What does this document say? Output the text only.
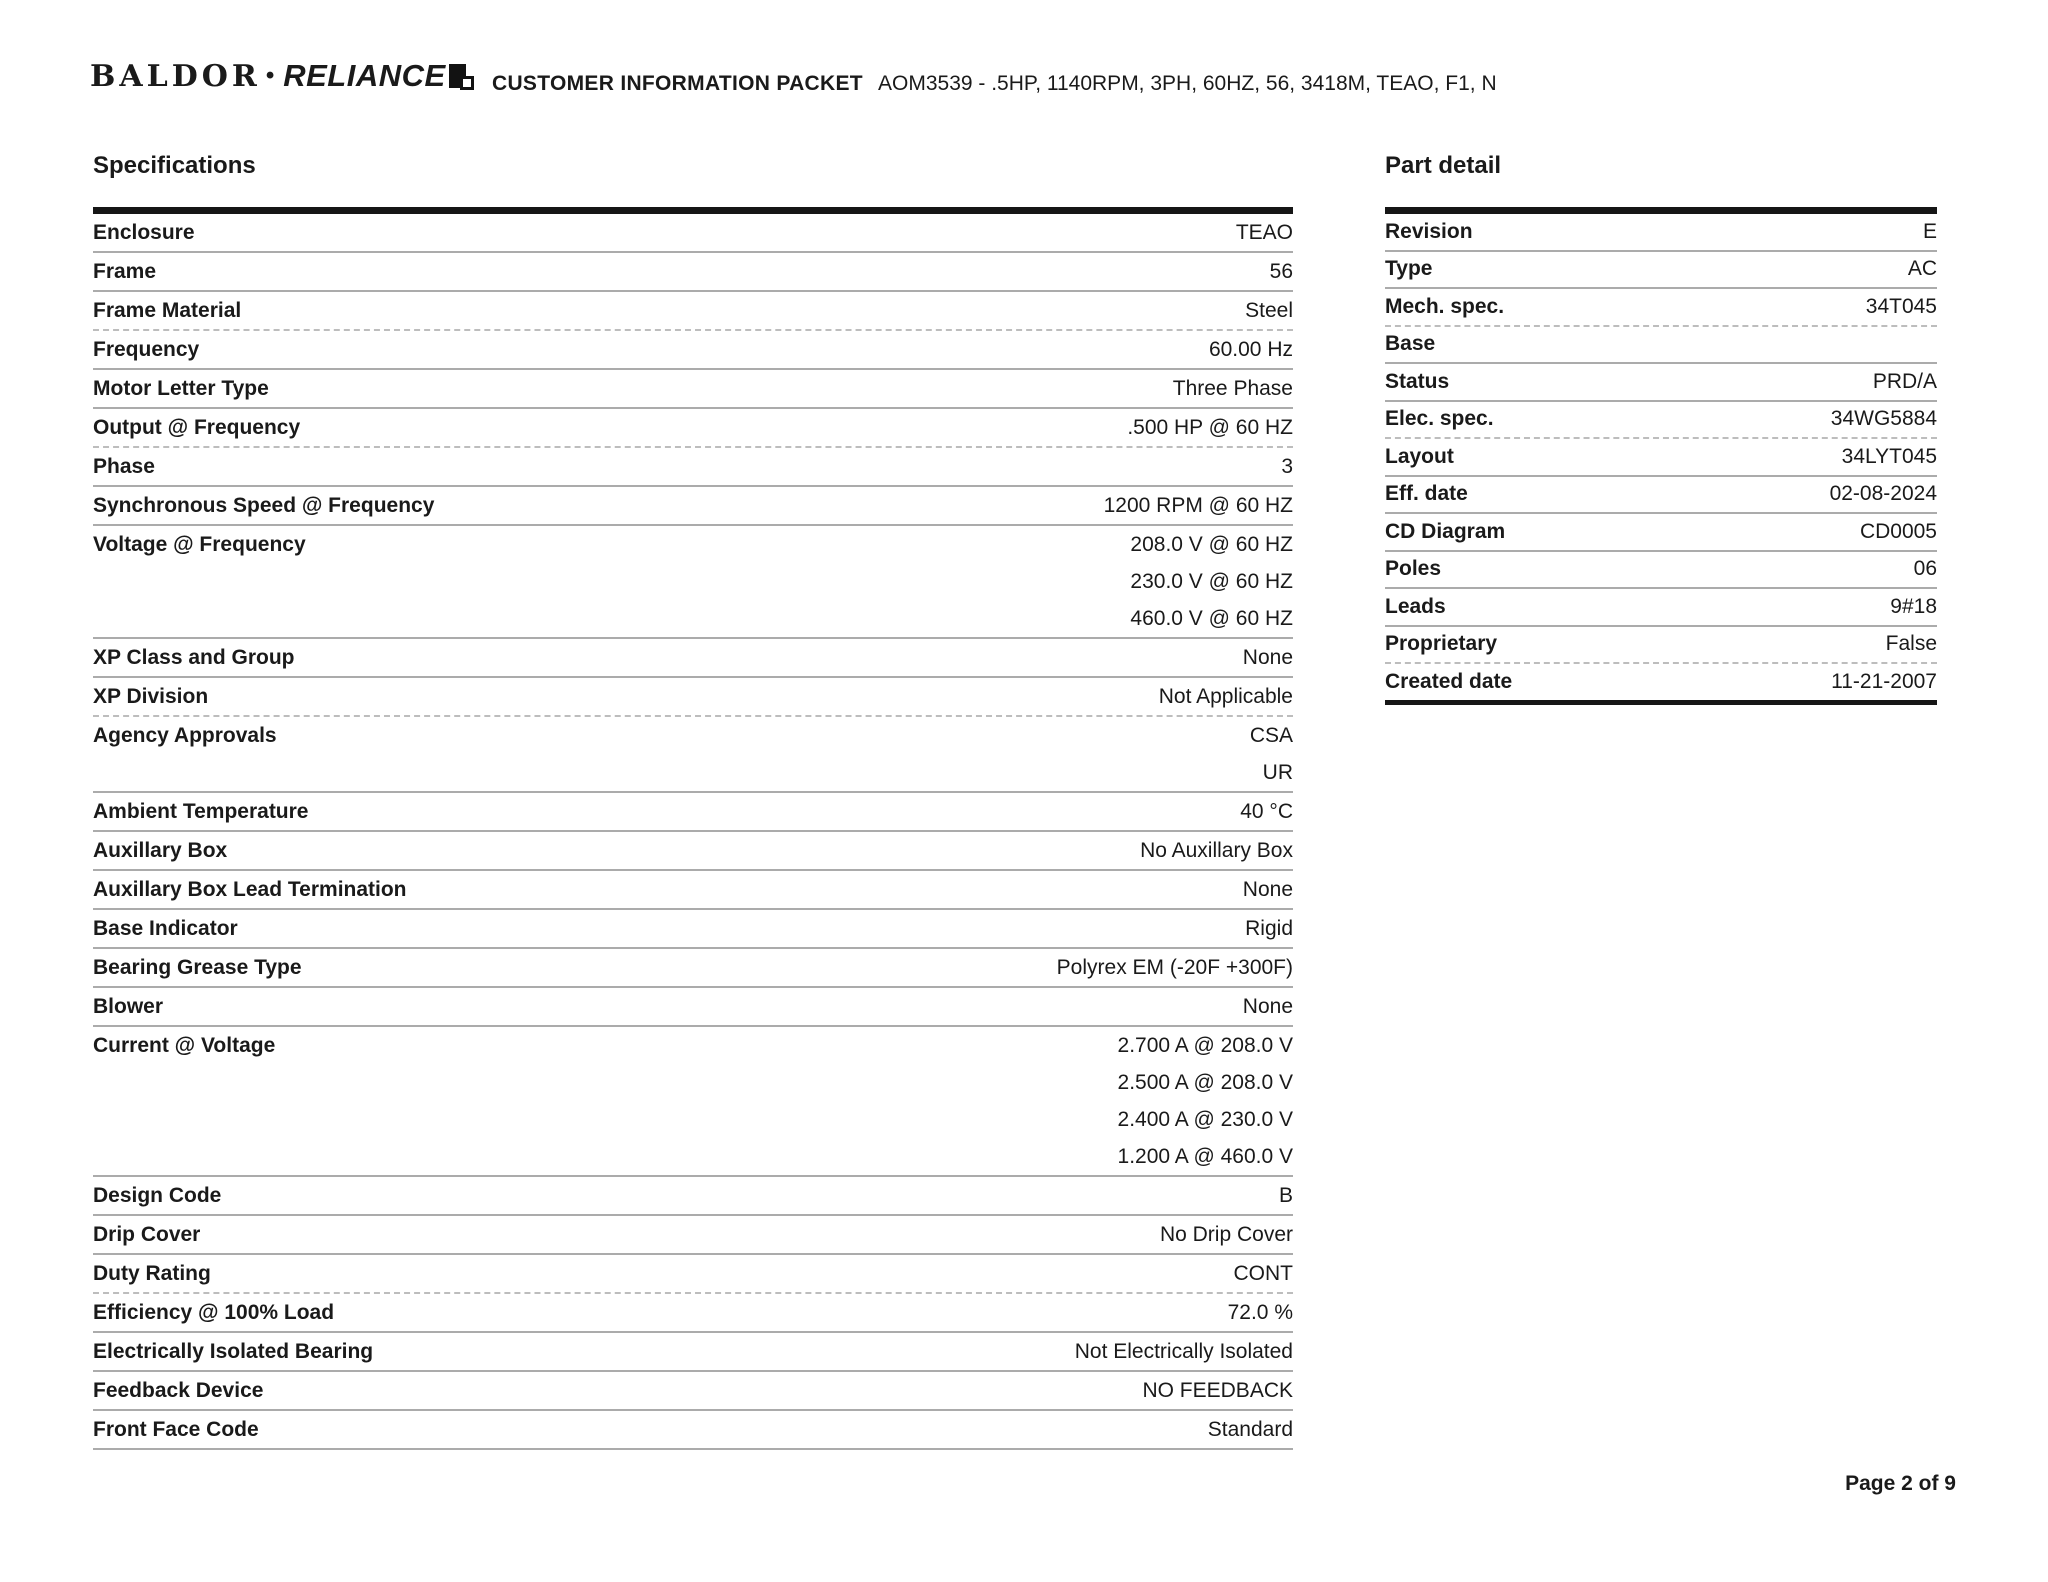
BALDOR • RELIANCE CUSTOMER INFORMATION PACKET AOM3539 - .5HP, 1140RPM, 3PH, 60HZ, 56, 3418M, TEAO, F1, N
Specifications
Enclosure	TEAO
Frame	56
Frame Material	Steel
Frequency	60.00 Hz
Motor Letter Type	Three Phase
Output @ Frequency	.500 HP @ 60 HZ
Phase	3
Synchronous Speed @ Frequency	1200 RPM @ 60 HZ
Voltage @ Frequency	208.0 V @ 60 HZ
230.0 V @ 60 HZ
460.0 V @ 60 HZ
XP Class and Group	None
XP Division	Not Applicable
Agency Approvals	CSA
UR
Ambient Temperature	40 °C
Auxillary Box	No Auxillary Box
Auxillary Box Lead Termination	None
Base Indicator	Rigid
Bearing Grease Type	Polyrex EM (-20F +300F)
Blower	None
Current @ Voltage	2.700 A @ 208.0 V
2.500 A @ 208.0 V
2.400 A @ 230.0 V
1.200 A @ 460.0 V
Design Code	B
Drip Cover	No Drip Cover
Duty Rating	CONT
Efficiency @ 100% Load	72.0 %
Electrically Isolated Bearing	Not Electrically Isolated
Feedback Device	NO FEEDBACK
Front Face Code	Standard
Part detail
Revision	E
Type	AC
Mech. spec.	34T045
Base
Status	PRD/A
Elec. spec.	34WG5884
Layout	34LYT045
Eff. date	02-08-2024
CD Diagram	CD0005
Poles	06
Leads	9#18
Proprietary	False
Created date	11-21-2007
Page 2 of 9
